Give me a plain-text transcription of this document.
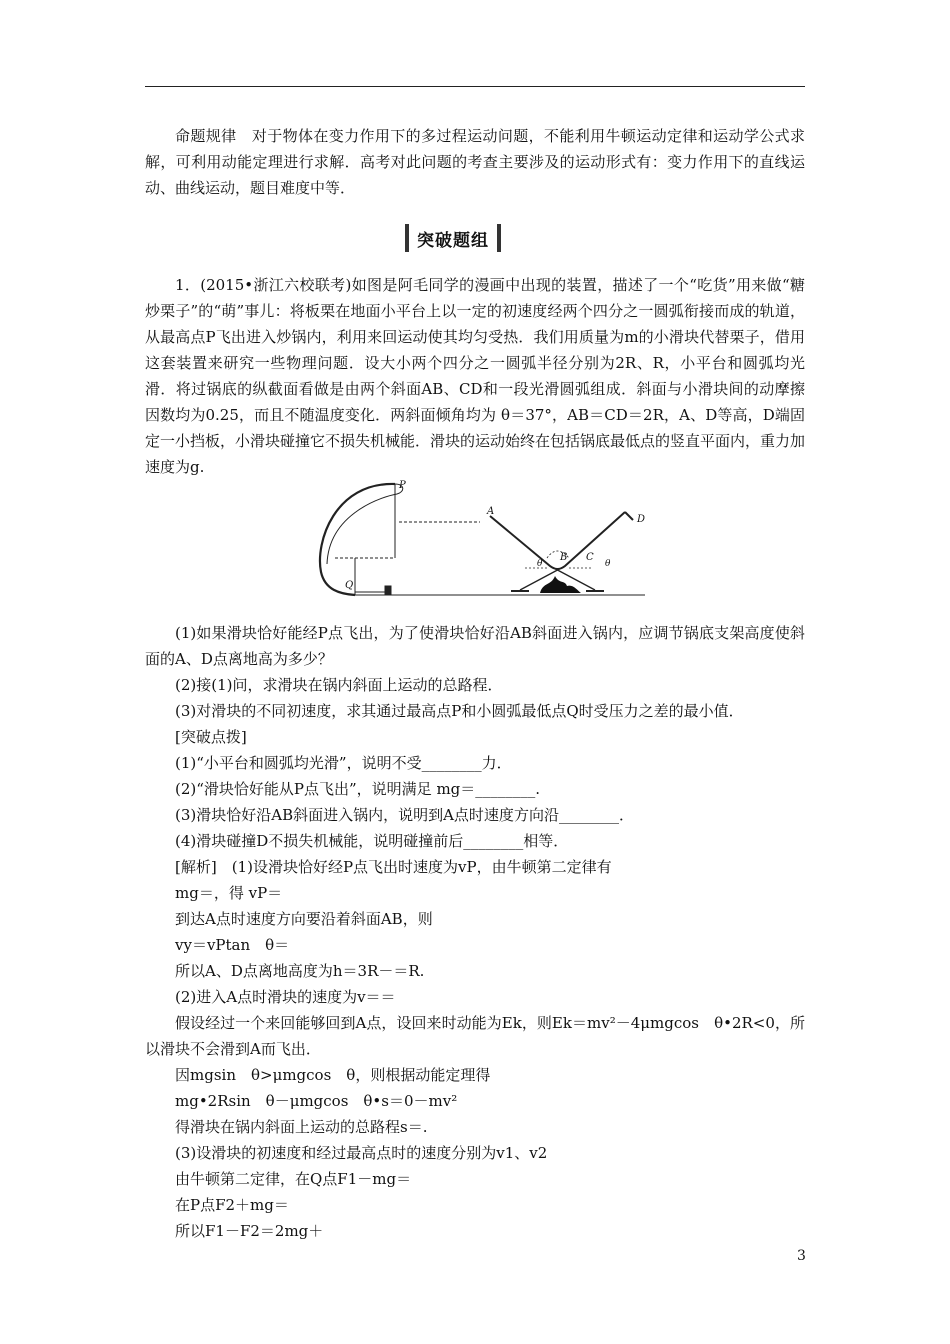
命题规律　对于物体在变力作用下的多过程运动问题，不能利用牛顿运动定律和运动学公式求解，可利用动能定理进行求解．高考对此问题的考查主要涉及的运动形式有：变力作用下的直线运动、曲线运动，题目难度中等．

突破题组

1．(2015•浙江六校联考)如图是阿毛同学的漫画中出现的装置，描述了一个“吃货”用来做“糖炒栗子”的“萌”事儿：将板栗在地面小平台上以一定的初速度经两个四分之一圆弧衔接而成的轨道，从最高点P飞出进入炒锅内，利用来回运动使其均匀受热．我们用质量为m的小滑块代替栗子，借用这套装置来研究一些物理问题．设大小两个四分之一圆弧半径分别为2R、R，小平台和圆弧均光滑．将过锅底的纵截面看做是由两个斜面AB、CD和一段光滑圆弧组成．斜面与小滑块间的动摩擦因数均为0.25，而且不随温度变化．两斜面倾角均为 θ＝37°，AB＝CD＝2R，A、D等高，D端固定一小挡板，小滑块碰撞它不损失机械能．滑块的运动始终在包括锅底最低点的竖直平面内，重力加速度为g.

P
Q
A
B C
D
θ	θ

(1)如果滑块恰好能经P点飞出，为了使滑块恰好沿AB斜面进入锅内，应调节锅底支架高度使斜面的A、D点离地高为多少？

(2)接(1)问，求滑块在锅内斜面上运动的总路程．

(3)对滑块的不同初速度，求其通过最高点P和小圆弧最低点Q时受压力之差的最小值．

[突破点拨]

(1)“小平台和圆弧均光滑”，说明不受________力．

(2)“滑块恰好能从P点飞出”，说明满足 mg＝________.

(3)滑块恰好沿AB斜面进入锅内，说明到A点时速度方向沿________．

(4)滑块碰撞D不损失机械能，说明碰撞前后________相等．

[解析]　(1)设滑块恰好经P点飞出时速度为vP，由牛顿第二定律有

mg＝，得 vP＝

到达A点时速度方向要沿着斜面AB，则

vy＝vPtan　θ＝

所以A、D点离地高度为h＝3R－＝R.

(2)进入A点时滑块的速度为v＝＝

假设经过一个来回能够回到A点，设回来时动能为Ek，则Ek＝mv²－4μmgcos　θ•2R<0，所以滑块不会滑到A而飞出．

因mgsin　θ>μmgcos　θ，则根据动能定理得

mg•2Rsin　θ－μmgcos　θ•s＝0－mv²

得滑块在锅内斜面上运动的总路程s＝.

(3)设滑块的初速度和经过最高点时的速度分别为v1、v2

由牛顿第二定律，在Q点F1－mg＝

在P点F2＋mg＝

所以F1－F2＝2mg＋

3
